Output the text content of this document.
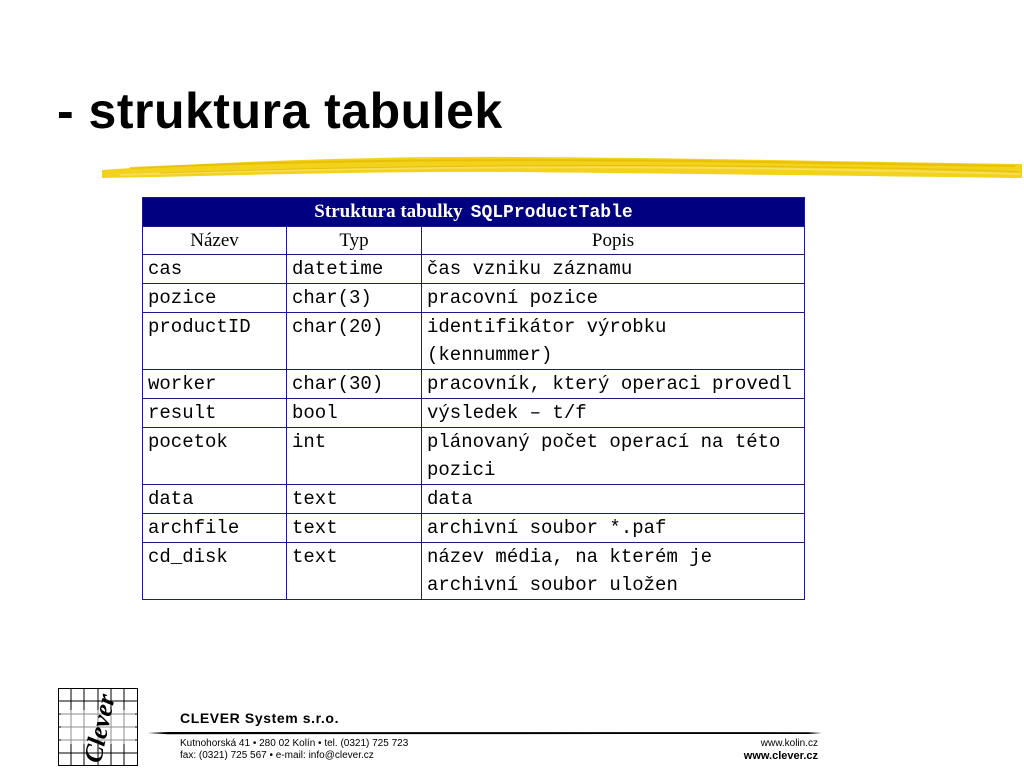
- struktura tabulek
Struktura tabulky SQLProductTable		
Název	Typ	Popis
cas	datetime	čas vzniku záznamu
pozice	char(3)	pracovní pozice
productID	char(20)	identifikátor výrobku (kennummer)
worker	char(30)	pracovník, který operaci provedl
result	bool	výsledek – t/f
pocetok	int	plánovaný počet operací na této pozici
data	text	data
archfile	text	archivní soubor *.paf
cd_disk	text	název média, na kterém je archivní soubor uložen
Clever	CLEVER System s.r.o.
Kutnohorská 41 • 280 02 Kolín • tel. (0321) 725 723
fax: (0321) 725 567 • e-mail: info@clever.cz
www.kolin.cz
www.clever.cz
